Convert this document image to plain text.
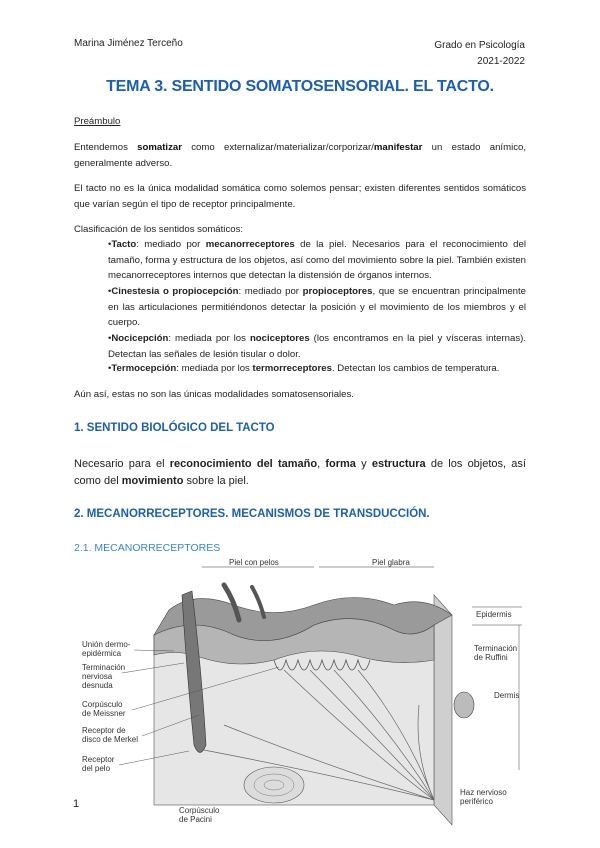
Marina Jiménez Terceño	Grado en Psicología
2021-2022
TEMA 3. SENTIDO SOMATOSENSORIAL. EL TACTO.
Preámbulo
Entendemos somatizar como externalizar/materializar/corporizar/manifestar un estado anímico, generalmente adverso.
El tacto no es la única modalidad somática como solemos pensar; existen diferentes sentidos somáticos que varían según el tipo de receptor principalmente.
Clasificación de los sentidos somáticos:
•Tacto: mediado por mecanorreceptores de la piel. Necesarios para el reconocimiento del tamaño, forma y estructura de los objetos, así como del movimiento sobre la piel. También existen mecanorreceptores internos que detectan la distensión de órganos internos.
•Cinestesia o propiocepción: mediado por propioceptores, que se encuentran principalmente en las articulaciones permitiéndonos detectar la posición y el movimiento de los miembros y el cuerpo.
•Nocicepción: mediada por los nociceptores (los encontramos en la piel y vísceras internas). Detectan las señales de lesión tisular o dolor.
•Termocepción: mediada por los termorreceptores. Detectan los cambios de temperatura.
Aún así, estas no son las únicas modalidades somatosensoriales.
1. SENTIDO BIOLÓGICO DEL TACTO
Necesario para el reconocimiento del tamaño, forma y estructura de los objetos, así como del movimiento sobre la piel.
2. MECANORRECEPTORES. MECANISMOS DE TRANSDUCCIÓN.
2.1. MECANORRECEPTORES
Piel con pelos	Piel glabra
Unión dermo-
epidérmica
Terminación
nerviosa
desnuda
Corpúsculo
de Meissner
Receptor de
disco de Merkel
Receptor
del pelo
Corpúsculo
de Pacini
Epidermis
Terminación
de Ruffini
Dermis
Haz nervioso
periférico
1
